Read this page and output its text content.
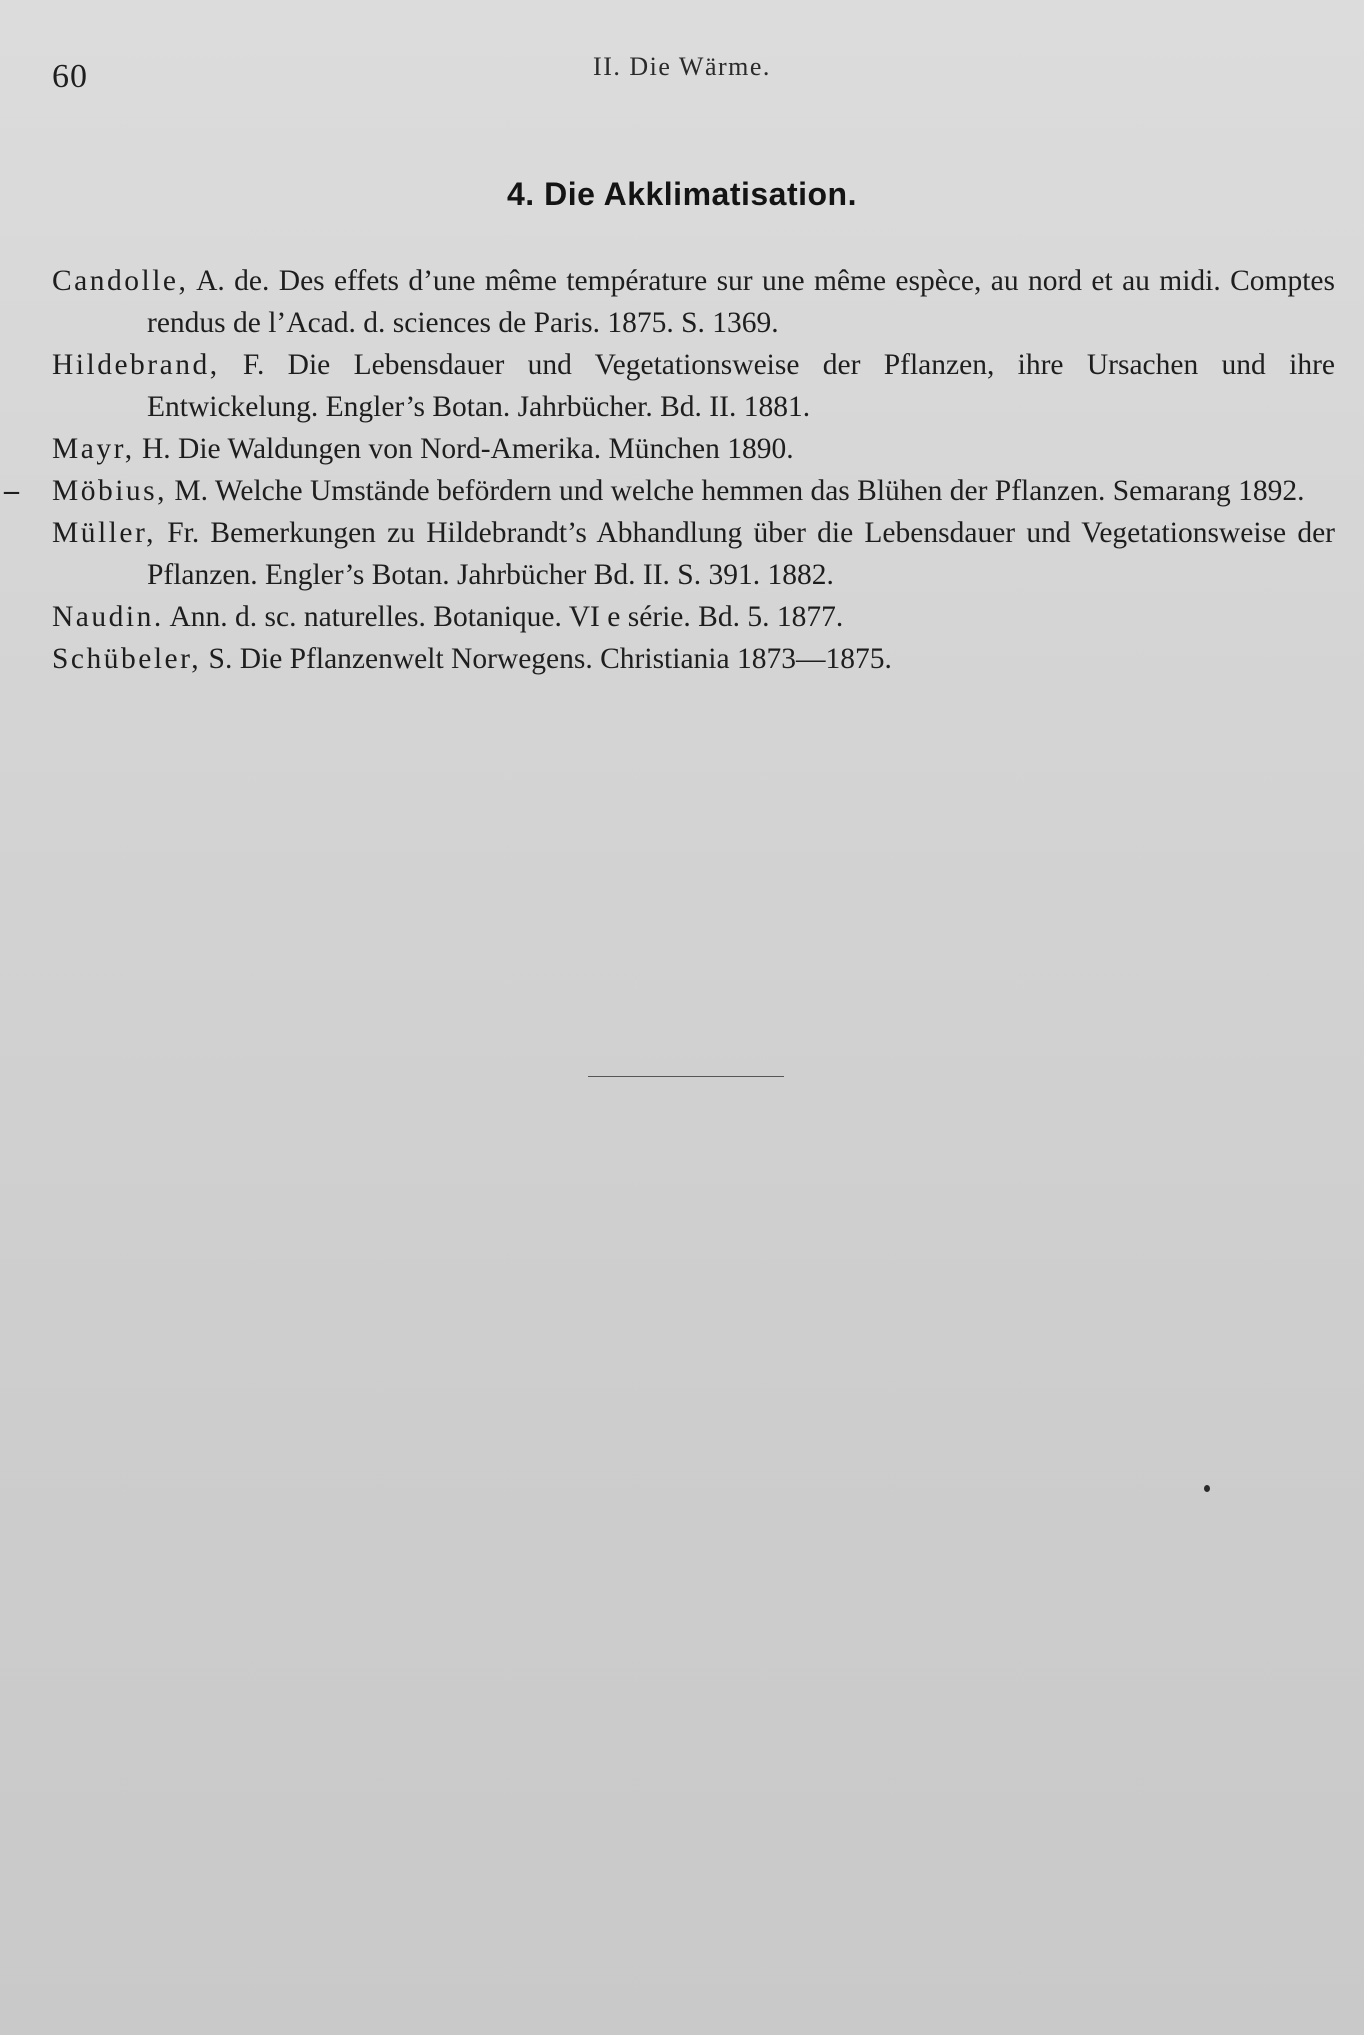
60	II. Die Wärme.
4. Die Akklimatisation.
Candolle, A. de. Des effets d’une même température sur une même espèce, au nord et au midi. Comptes rendus de l’Acad. d. sciences de Paris. 1875. S. 1369.
Hildebrand, F. Die Lebensdauer und Vegetationsweise der Pflanzen, ihre Ursachen und ihre Entwickelung. Engler’s Botan. Jahrbücher. Bd. II. 1881.
Mayr, H. Die Waldungen von Nord-Amerika. München 1890.
– Möbius, M. Welche Umstände befördern und welche hemmen das Blühen der Pflanzen. Semarang 1892.
Müller, Fr. Bemerkungen zu Hildebrandt’s Abhandlung über die Lebensdauer und Vegetationsweise der Pflanzen. Engler’s Botan. Jahrbücher Bd. II. S. 391. 1882.
Naudin. Ann. d. sc. naturelles. Botanique. VI e série. Bd. 5. 1877.
Schübeler, S. Die Pflanzenwelt Norwegens. Christiania 1873—1875.
